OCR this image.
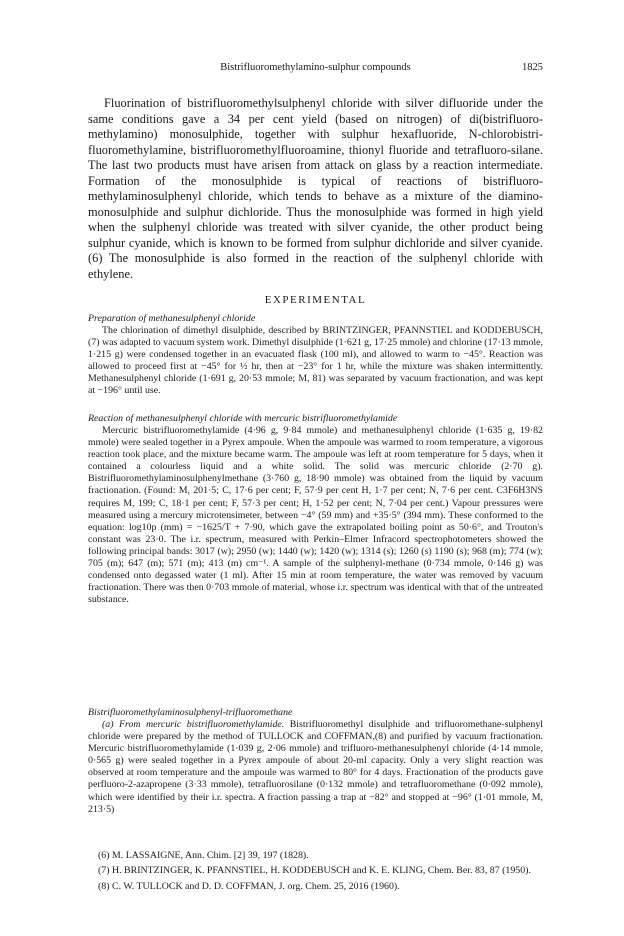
Bistrifluoromethylamino-sulphur compounds	1825

Fluorination of bistrifluoromethylsulphenyl chloride with silver difluoride under the same conditions gave a 34 per cent yield (based on nitrogen) of di(bistrifluoro-methylamino) monosulphide, together with sulphur hexafluoride, N-chlorobistri-fluoromethylamine, bistrifluoromethylfluoroamine, thionyl fluoride and tetrafluoro-silane. The last two products must have arisen from attack on glass by a reaction intermediate. Formation of the monosulphide is typical of reactions of bistrifluoro-methylaminosulphenyl chloride, which tends to behave as a mixture of the diamino-monosulphide and sulphur dichloride. Thus the monosulphide was formed in high yield when the sulphenyl chloride was treated with silver cyanide, the other product being sulphur cyanide, which is known to be formed from sulphur dichloride and silver cyanide.(6) The monosulphide is also formed in the reaction of the sulphenyl chloride with ethylene.

EXPERIMENTAL

Preparation of methanesulphenyl chloride

The chlorination of dimethyl disulphide, described by BRINTZINGER, PFANNSTIEL and KODDEBUSCH,(7) was adapted to vacuum system work. Dimethyl disulphide (1·621 g, 17·25 mmole) and chlorine (17·13 mmole, 1·215 g) were condensed together in an evacuated flask (100 ml), and allowed to warm to −45°. Reaction was allowed to proceed first at −45° for ½ hr, then at −23° for 1 hr, while the mixture was shaken intermittently. Methanesulphenyl chloride (1·691 g, 20·53 mmole; M, 81) was separated by vacuum fractionation, and was kept at −196° until use.

Reaction of methanesulphenyl chloride with mercuric bistrifluoromethylamide

Mercuric bistrifluoromethylamide (4·96 g, 9·84 mmole) and methanesulphenyl chloride (1·635 g, 19·82 mmole) were sealed together in a Pyrex ampoule. When the ampoule was warmed to room temperature, a vigorous reaction took place, and the mixture became warm. The ampoule was left at room temperature for 5 days, when it contained a colourless liquid and a white solid. The solid was mercuric chloride (2·70 g). Bistrifluoromethylaminosulphenylmethane (3·760 g, 18·90 mmole) was obtained from the liquid by vacuum fractionation. (Found: M, 201·5; C, 17·6 per cent; F, 57·9 per cent H, 1·7 per cent; N, 7·6 per cent. C3F6H3NS requires M, 199; C, 18·1 per cent; F, 57·3 per cent; H, 1·52 per cent; N, 7·04 per cent.) Vapour pressures were measured using a mercury microtensimeter, between −4° (59 mm) and +35·5° (394 mm). These conformed to the equation: log10p (mm) = −1625/T + 7·90, which gave the extrapolated boiling point as 50·6°, and Trouton's constant was 23·0. The i.r. spectrum, measured with Perkin–Elmer Infracord spectrophotometers showed the following principal bands: 3017 (w); 2950 (w); 1440 (w); 1420 (w); 1314 (s); 1260 (s) 1190 (s); 968 (m); 774 (w); 705 (m); 647 (m); 571 (m); 413 (m) cm⁻¹. A sample of the sulphenyl-methane (0·734 mmole, 0·146 g) was condensed onto degassed water (1 ml). After 15 min at room temperature, the water was removed by vacuum fractionation. There was then 0·703 mmole of material, whose i.r. spectrum was identical with that of the untreated substance.

Bistrifluoromethylaminosulphenyl-trifluoromethane

(a) From mercuric bistrifluoromethylamide. Bistrifluoromethyl disulphide and trifluoromethane-sulphenyl chloride were prepared by the method of TULLOCK and COFFMAN,(8) and purified by vacuum fractionation. Mercuric bistrifluoromethylamide (1·039 g, 2·06 mmole) and trifluoro-methanesulphenyl chloride (4·14 mmole, 0·565 g) were sealed together in a Pyrex ampoule of about 20-ml capacity. Only a very slight reaction was observed at room temperature and the ampoule was warmed to 80° for 4 days. Fractionation of the products gave perfluoro-2-azapropene (3·33 mmole), tetrafluorosilane (0·132 mmole) and tetrafluoromethane (0·092 mmole), which were identified by their i.r. spectra. A fraction passing a trap at −82° and stopped at −96° (1·01 mmole, M, 213·5)

(6) M. LASSAIGNE, Ann. Chim. [2] 39, 197 (1828).
(7) H. BRINTZINGER, K. PFANNSTIEL, H. KODDEBUSCH and K. E. KLING, Chem. Ber. 83, 87 (1950).
(8) C. W. TULLOCK and D. D. COFFMAN, J. org. Chem. 25, 2016 (1960).
